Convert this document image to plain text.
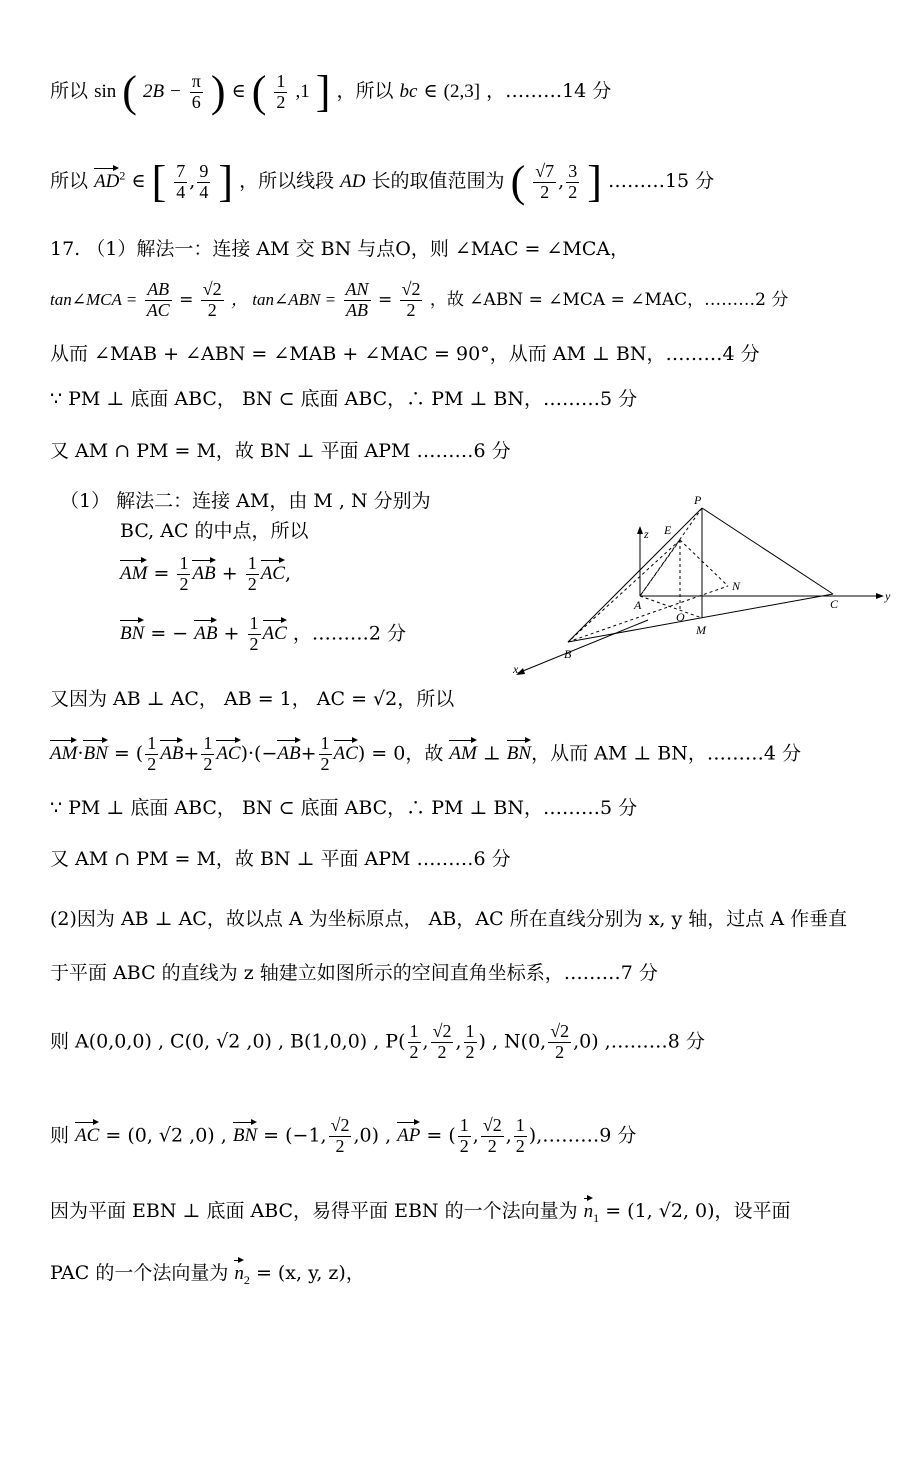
所以 sin ( $2B - \frac{\pi}{6}$ ) ∈ ( $\frac{1}{2} ,1$ ] ，所以 bc ∈ (2,3] ，………14 分
所以 $AD^2$ ∈ [ $\frac{7}{4}$ , $\frac{9}{4}$ ] ，所以线段 AD 长的取值范围为 ( $\frac{√7}{2}$ , $\frac{3}{2}$ ] ………15 分
17. （1）解法一：连接 AM 交 BN 与点O，则 ∠MAC = ∠MCA，
tan∠MCA = $\frac{AB}{AC} = \frac{√2}{2}$ ， tan∠ABN = $\frac{AN}{AB} = \frac{√2}{2}$ ，故 ∠ABN = ∠MCA = ∠MAC，………2 分
从而 ∠MAB + ∠ABN = ∠MAB + ∠MAC = 90°，从而 AM ⊥ BN，………4 分
∵ PM ⊥ 底面 ABC， BN ⊂ 底面 ABC，∴ PM ⊥ BN，………5 分
又 AM ∩ PM = M，故 BN ⊥ 平面 APM ………6 分
（1） 解法二：连接 AM，由 M , N 分别为
BC, AC 的中点，所以
AM = $\frac{1}{2}$ AB + $\frac{1}{2}$ AC,
BN = − AB + $\frac{1}{2}$ AC ，………2 分
P
E
z
A
N
O
M
C
B
x
y
又因为 AB ⊥ AC， AB = 1， AC = √2，所以
AM·BN = ( $\frac{1}{2} AB+ \frac{1}{2} AC)\cdot(-AB+ \frac{1}{2} AC) = 0$，故 AM ⊥ BN，从而 AM ⊥ BN，………4 分
∵ PM ⊥ 底面 ABC， BN ⊂ 底面 ABC，∴ PM ⊥ BN，………5 分
又 AM ∩ PM = M，故 BN ⊥ 平面 APM ………6 分
(2)因为 AB ⊥ AC，故以点 A 为坐标原点， AB，AC 所在直线分别为 x, y 轴，过点 A 作垂直
于平面 ABC 的直线为 z 轴建立如图所示的空间直角坐标系，………7 分
则 A(0,0,0) , C(0, √2 ,0) , B(1,0,0) , $P( \frac{1}{2}$ , $\frac{√2}{2}$ , $\frac{1}{2}$ ) , N(0, $\frac{√2}{2} ,0$) ,………8 分
则 AC = (0, √2 ,0) , BN = (−1, $\frac{√2}{2} ,0$) , AP = ( $\frac{1}{2}$ , $\frac{√2}{2}$ , $\frac{1}{2}$ ),………9 分
因为平面 EBN ⊥ 底面 ABC，易得平面 EBN 的一个法向量为 $n_1 = (1$, √2, 0)，设平面
PAC 的一个法向量为 $n_2 = (x$, y, z)，
